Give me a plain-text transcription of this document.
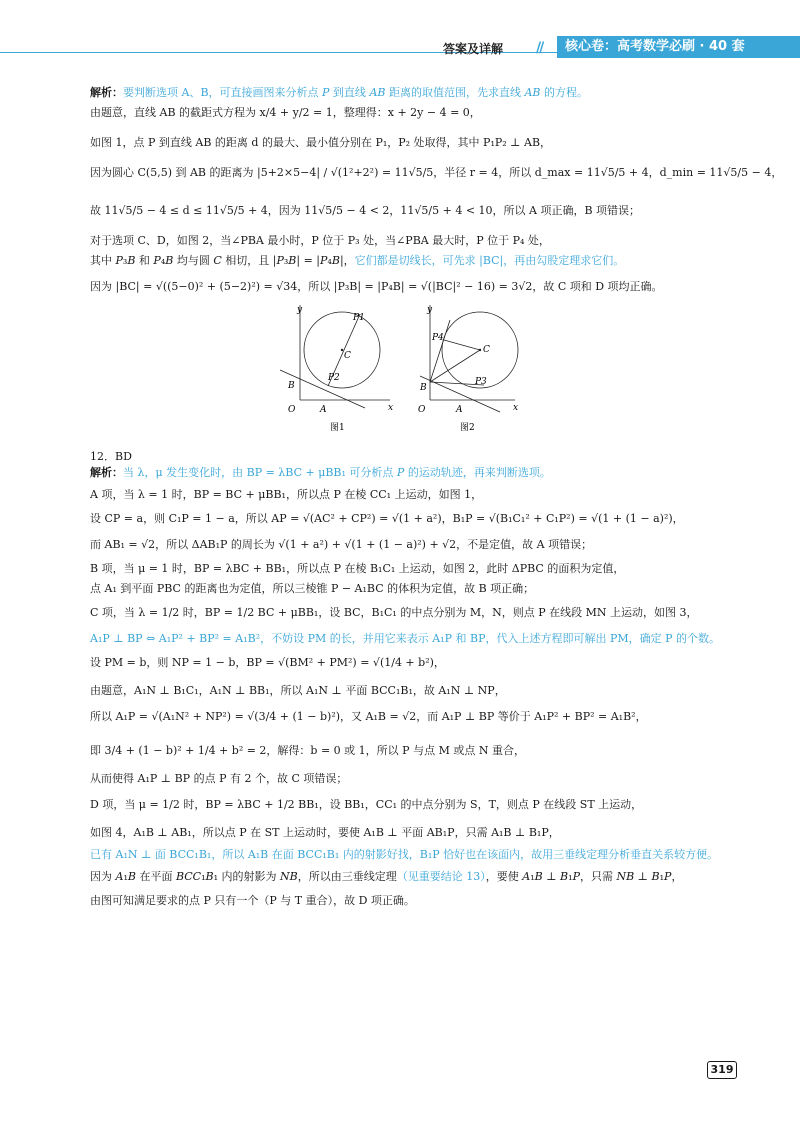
答案及详解 //	核心卷：高考数学必刷 · 40 套
解析：要判断选项 A、B，可直接画图来分析点 P 到直线 AB 距离的取值范围，先求直线 AB 的方程。
由题意，直线 AB 的截距式方程为 x/4 + y/2 = 1，整理得：x + 2y − 4 = 0，
如图 1，点 P 到直线 AB 的距离 d 的最大、最小值分别在 P₁，P₂ 处取得，其中 P₁P₂ ⊥ AB，
因为圆心 C(5,5) 到 AB 的距离为 |5+2×5−4| / √(1²+2²) = 11√5/5，半径 r = 4，所以 d_max = 11√5/5 + 4，d_min = 11√5/5 − 4，
故 11√5/5 − 4 ≤ d ≤ 11√5/5 + 4，因为 11√5/5 − 4 < 2，11√5/5 + 4 < 10，所以 A 项正确，B 项错误；
对于选项 C、D，如图 2，当∠PBA 最小时，P 位于 P₃ 处，当∠PBA 最大时，P 位于 P₄ 处，
其中 P₃B 和 P₄B 均与圆 C 相切，且 |P₃B| = |P₄B|，它们都是切线长，可先求 |BC|，再由勾股定理求它们。
因为 |BC| = √((5−0)² + (5−2)²) = √34，所以 |P₃B| = |P₄B| = √(|BC|² − 16) = 3√2，故 C 项和 D 项均正确。
12．BD
解析：当 λ，μ 发生变化时，由 BP = λBC + μBB₁ 可分析点 P 的运动轨迹，再来判断选项。
A 项，当 λ = 1 时，BP = BC + μBB₁，所以点 P 在棱 CC₁ 上运动，如图 1，
设 CP = a，则 C₁P = 1 − a，所以 AP = √(AC² + CP²) = √(1 + a²)，B₁P = √(B₁C₁² + C₁P²) = √(1 + (1 − a)²)，
而 AB₁ = √2，所以 ΔAB₁P 的周长为 √(1 + a²) + √(1 + (1 − a)²) + √2，不是定值，故 A 项错误；
B 项，当 μ = 1 时，BP = λBC + BB₁，所以点 P 在棱 B₁C₁ 上运动，如图 2，此时 ΔPBC 的面积为定值，
点 A₁ 到平面 PBC 的距离也为定值，所以三棱锥 P − A₁BC 的体积为定值，故 B 项正确；
C 项，当 λ = 1/2 时，BP = 1/2 BC + μBB₁，设 BC，B₁C₁ 的中点分别为 M，N，则点 P 在线段 MN 上运动，如图 3，
A₁P ⊥ BP ⇔ A₁P² + BP² = A₁B²，不妨设 PM 的长，并用它来表示 A₁P 和 BP，代入上述方程即可解出 PM，确定 P 的个数。
设 PM = b，则 NP = 1 − b，BP = √(BM² + PM²) = √(1/4 + b²)，
由题意，A₁N ⊥ B₁C₁，A₁N ⊥ BB₁，所以 A₁N ⊥ 平面 BCC₁B₁，故 A₁N ⊥ NP，
所以 A₁P = √(A₁N² + NP²) = √(3/4 + (1 − b)²)，又 A₁B = √2，而 A₁P ⊥ BP 等价于 A₁P² + BP² = A₁B²，
即 3/4 + (1 − b)² + 1/4 + b² = 2，解得：b = 0 或 1，所以 P 与点 M 或点 N 重合，
从而使得 A₁P ⊥ BP 的点 P 有 2 个，故 C 项错误；
D 项，当 μ = 1/2 时，BP = λBC + 1/2 BB₁，设 BB₁，CC₁ 的中点分别为 S，T，则点 P 在线段 ST 上运动，
如图 4，A₁B ⊥ AB₁，所以点 P 在 ST 上运动时，要使 A₁B ⊥ 平面 AB₁P，只需 A₁B ⊥ B₁P，
已有 A₁N ⊥ 面 BCC₁B₁，所以 A₁B 在面 BCC₁B₁ 内的射影好找，B₁P 恰好也在该面内，故用三垂线定理分析垂直关系较方便。
因为 A₁B 在平面 BCC₁B₁ 内的射影为 NB，所以由三垂线定理（见重要结论 13），要使 A₁B ⊥ B₁P，只需 NB ⊥ B₁P，
由图可知满足要求的点 P 只有一个（P 与 T 重合），故 D 项正确。
y
x
O	A
B
C
P1
P2
图1
y
x
O	A
B
C
P3
P4
图2
319
